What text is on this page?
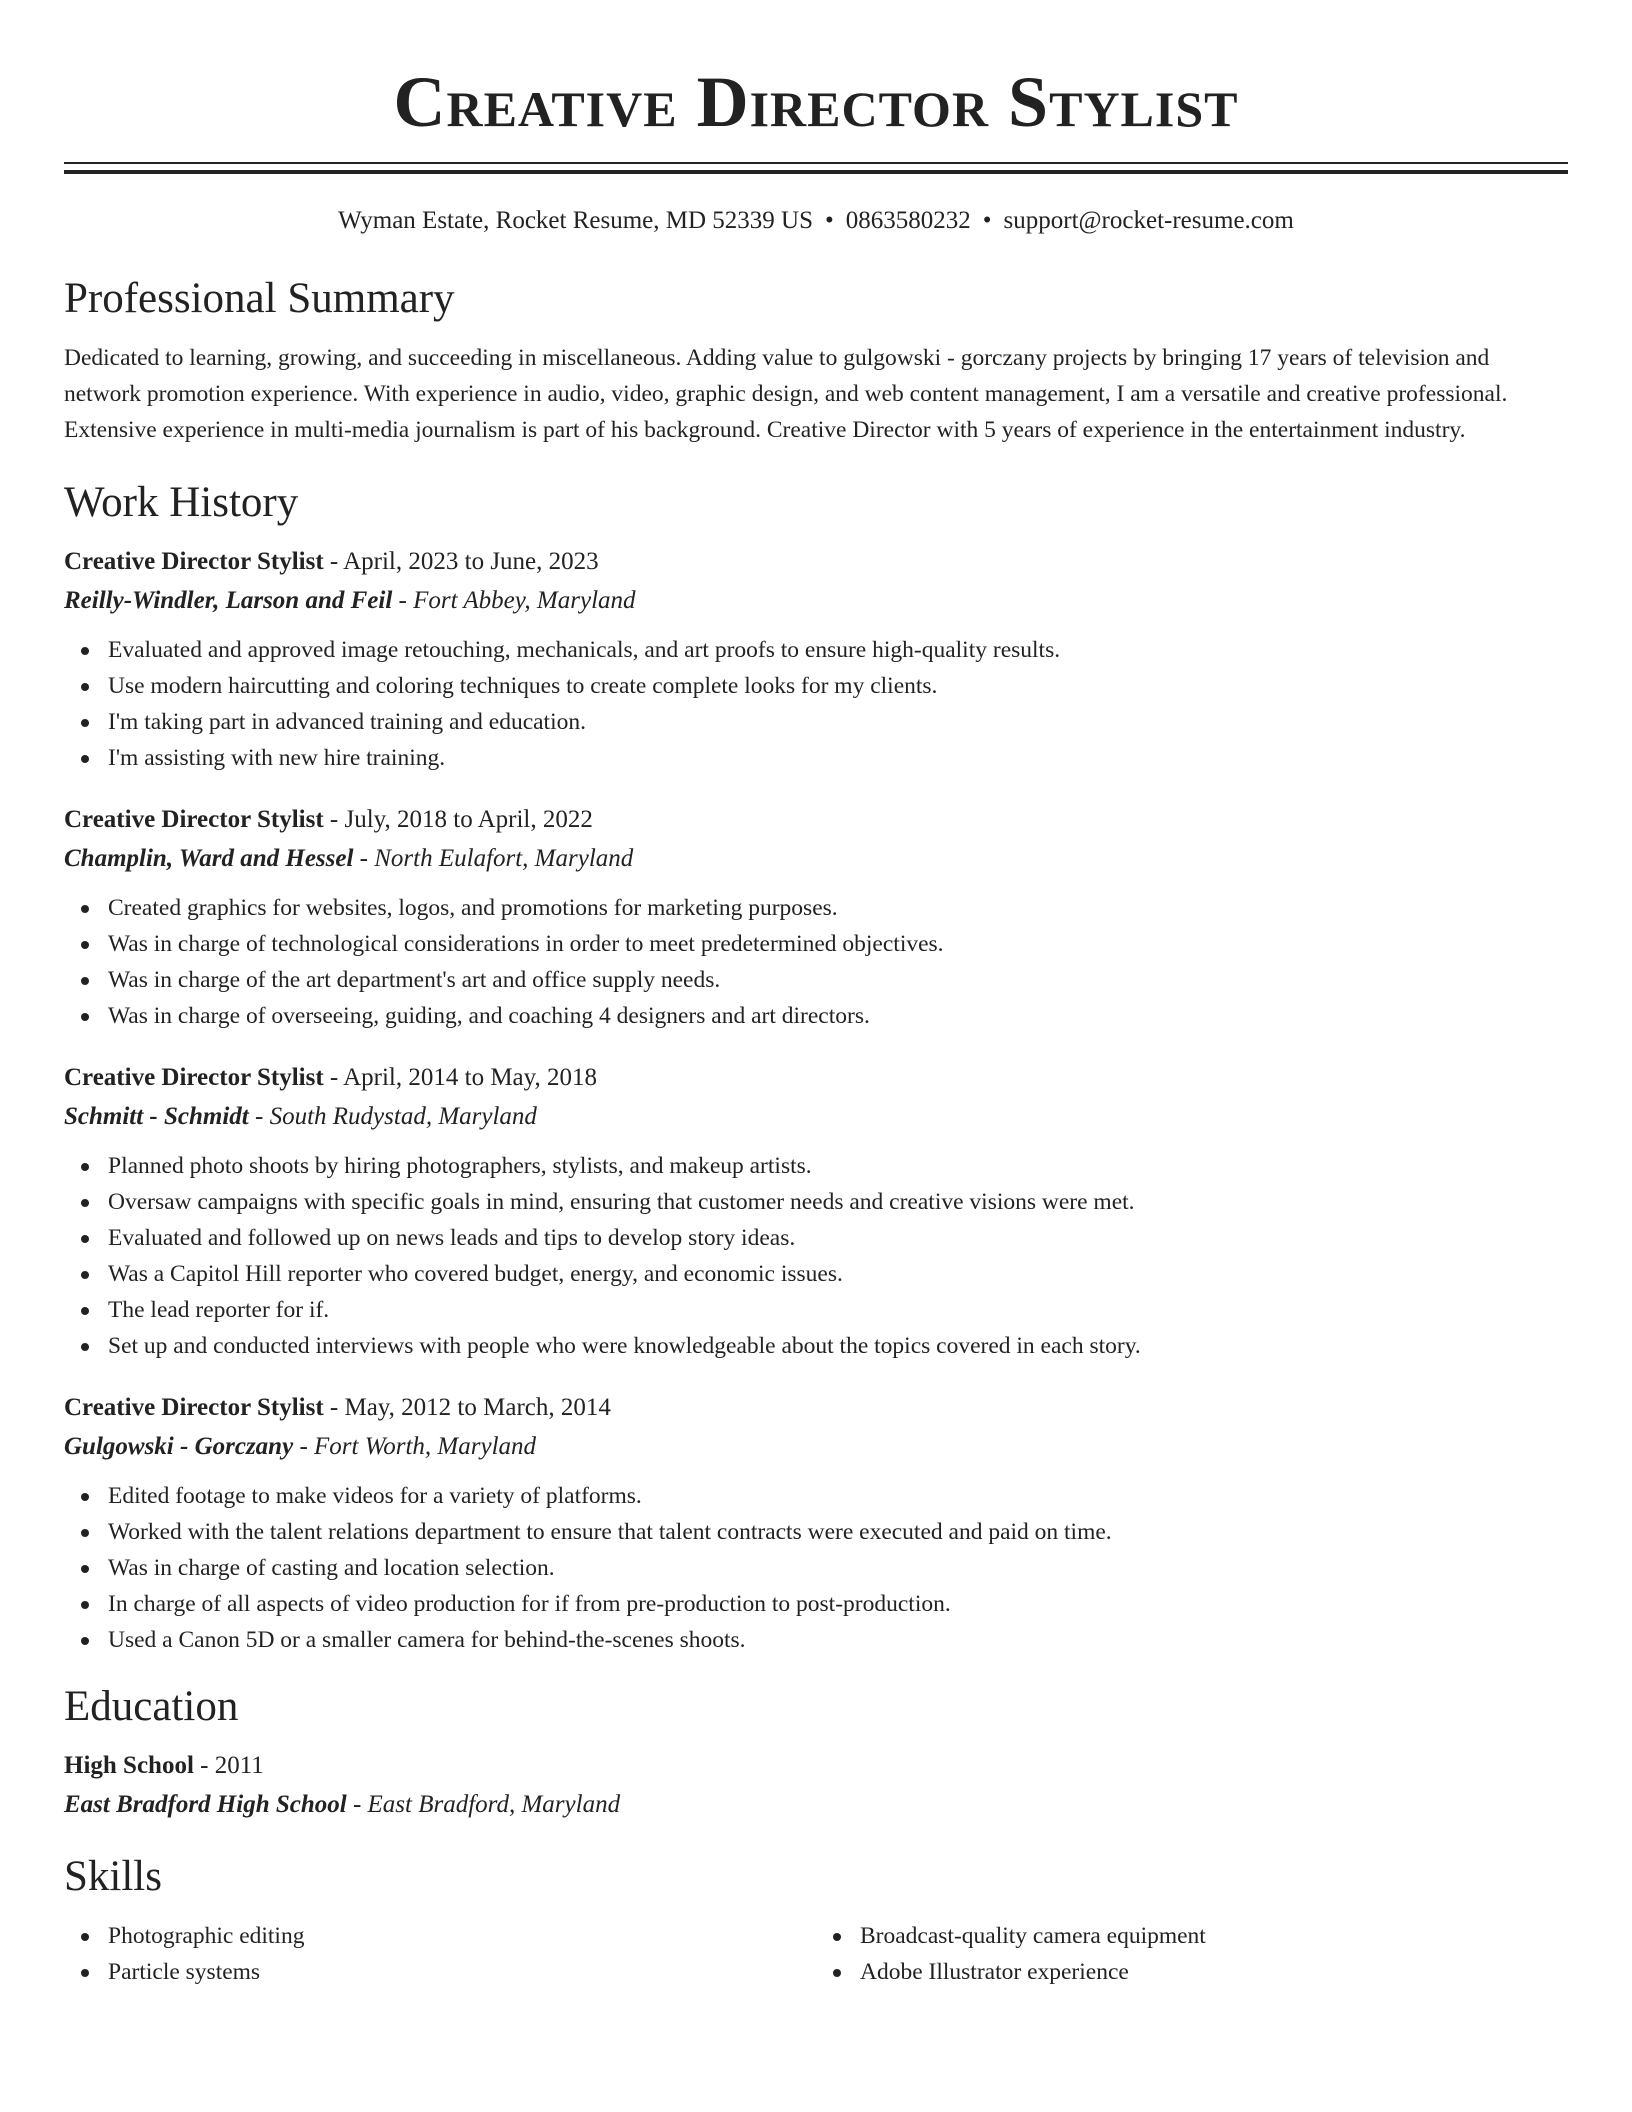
Creative Director Stylist
Wyman Estate, Rocket Resume, MD 52339 US • 0863580232 • support@rocket-resume.com
Professional Summary

Dedicated to learning, growing, and succeeding in miscellaneous. Adding value to gulgowski - gorczany projects by bringing 17 years of television and network promotion experience. With experience in audio, video, graphic design, and web content management, I am a versatile and creative professional. Extensive experience in multi-media journalism is part of his background. Creative Director with 5 years of experience in the entertainment industry.

Work History

Creative Director Stylist - April, 2023 to June, 2023

Reilly-Windler, Larson and Feil - Fort Abbey, Maryland

Evaluated and approved image retouching, mechanicals, and art proofs to ensure high-quality results.
Use modern haircutting and coloring techniques to create complete looks for my clients.
I'm taking part in advanced training and education.
I'm assisting with new hire training.

Creative Director Stylist - July, 2018 to April, 2022

Champlin, Ward and Hessel - North Eulafort, Maryland

Created graphics for websites, logos, and promotions for marketing purposes.
Was in charge of technological considerations in order to meet predetermined objectives.
Was in charge of the art department's art and office supply needs.
Was in charge of overseeing, guiding, and coaching 4 designers and art directors.

Creative Director Stylist - April, 2014 to May, 2018

Schmitt - Schmidt - South Rudystad, Maryland

Planned photo shoots by hiring photographers, stylists, and makeup artists.
Oversaw campaigns with specific goals in mind, ensuring that customer needs and creative visions were met.
Evaluated and followed up on news leads and tips to develop story ideas.
Was a Capitol Hill reporter who covered budget, energy, and economic issues.
The lead reporter for if.
Set up and conducted interviews with people who were knowledgeable about the topics covered in each story.

Creative Director Stylist - May, 2012 to March, 2014

Gulgowski - Gorczany - Fort Worth, Maryland

Edited footage to make videos for a variety of platforms.
Worked with the talent relations department to ensure that talent contracts were executed and paid on time.
Was in charge of casting and location selection.
In charge of all aspects of video production for if from pre-production to post-production.
Used a Canon 5D or a smaller camera for behind-the-scenes shoots.
Education

High School - 2011

East Bradford High School - East Bradford, Maryland

Skills
Photographic editing
Particle systems
Broadcast-quality camera equipment
Adobe Illustrator experience
